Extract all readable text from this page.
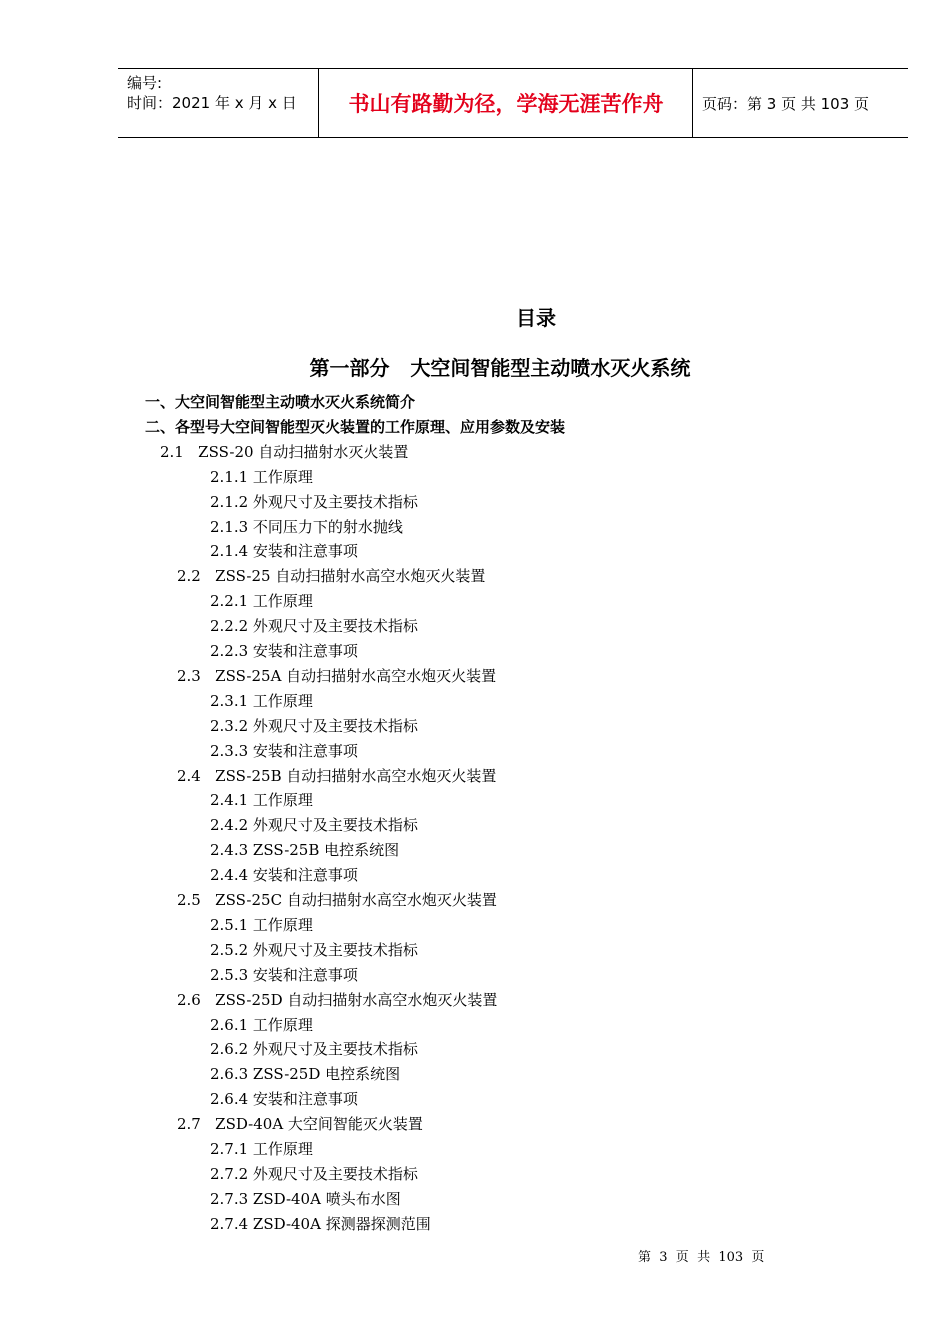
编号:
时间：2021 年 x 月 x 日	书山有路勤为径，学海无涯苦作舟	页码：第 3 页 共 103 页
目录
第一部分   大空间智能型主动喷水灭火系统
一、大空间智能型主动喷水灭火系统简介
二、各型号大空间智能型灭火装置的工作原理、应用参数及安装
2.1   ZSS-20 自动扫描射水灭火装置
2.1.1 工作原理
2.1.2 外观尺寸及主要技术指标
2.1.3 不同压力下的射水抛线
2.1.4 安装和注意事项
2.2   ZSS-25 自动扫描射水高空水炮灭火装置
2.2.1 工作原理
2.2.2 外观尺寸及主要技术指标
2.2.3 安装和注意事项
2.3   ZSS-25A 自动扫描射水高空水炮灭火装置
2.3.1 工作原理
2.3.2 外观尺寸及主要技术指标
2.3.3 安装和注意事项
2.4   ZSS-25B 自动扫描射水高空水炮灭火装置
2.4.1 工作原理
2.4.2 外观尺寸及主要技术指标
2.4.3 ZSS-25B 电控系统图
2.4.4 安装和注意事项
2.5   ZSS-25C 自动扫描射水高空水炮灭火装置
2.5.1 工作原理
2.5.2 外观尺寸及主要技术指标
2.5.3 安装和注意事项
2.6   ZSS-25D 自动扫描射水高空水炮灭火装置
2.6.1 工作原理
2.6.2 外观尺寸及主要技术指标
2.6.3 ZSS-25D 电控系统图
2.6.4 安装和注意事项
2.7   ZSD-40A 大空间智能灭火装置
2.7.1 工作原理
2.7.2 外观尺寸及主要技术指标
2.7.3 ZSD-40A 喷头布水图
2.7.4 ZSD-40A 探测器探测范围
第  3  页  共  103  页
